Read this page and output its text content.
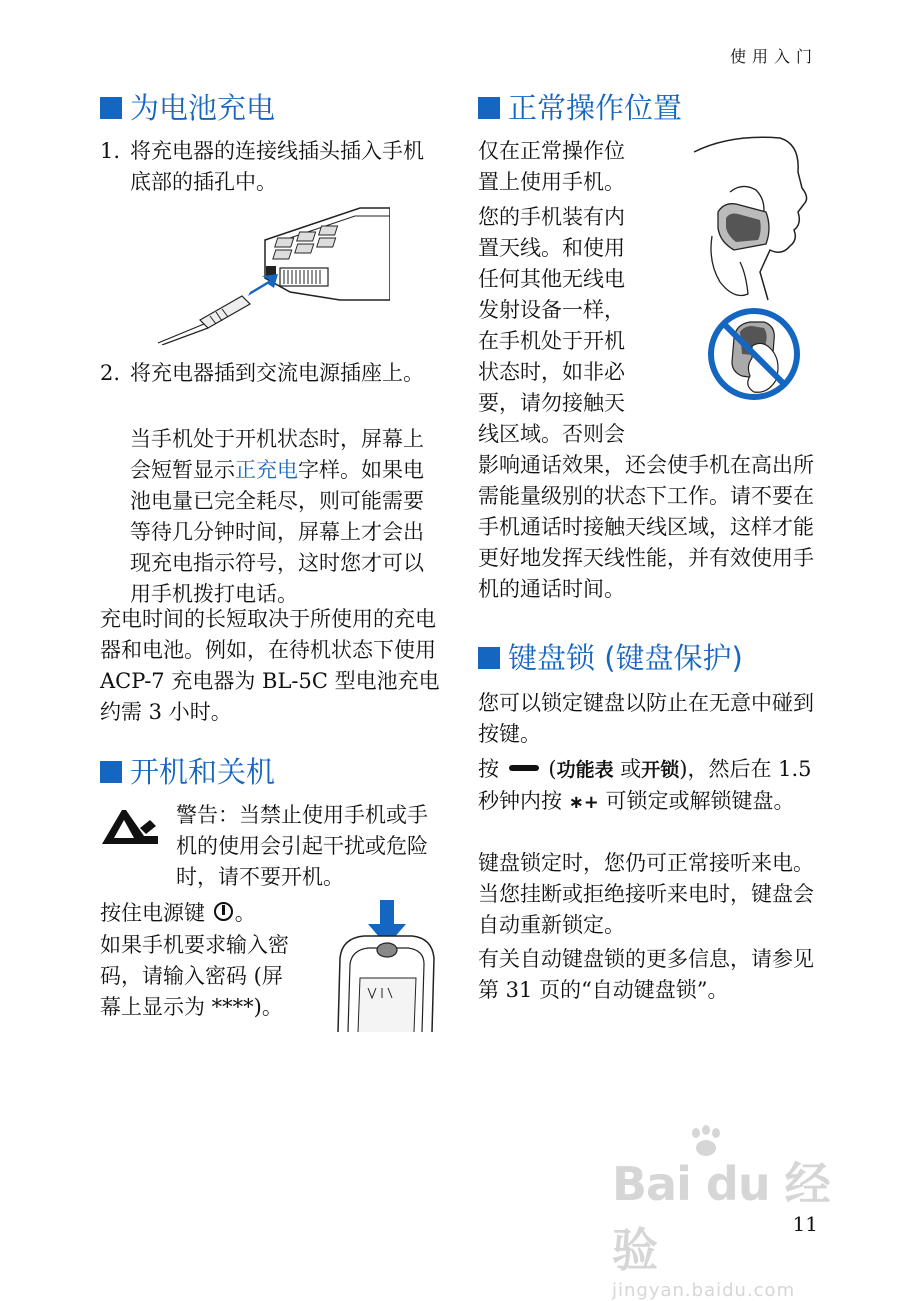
使用入门
为电池充电
1. 将充电器的连接线插头插入手机底部的插孔中。
2. 将充电器插到交流电源插座上。
当手机处于开机状态时，屏幕上会短暂显示正充电字样。如果电池电量已完全耗尽，则可能需要等待几分钟时间，屏幕上才会出现充电指示符号，这时您才可以用手机拨打电话。
充电时间的长短取决于所使用的充电器和电池。例如，在待机状态下使用 ACP-7 充电器为 BL-5C 型电池充电约需 3 小时。
开机和关机
警告：当禁止使用手机或手机的使用会引起干扰或危险时，请不要开机。
按住电源键 。
如果手机要求输入密码，请输入密码 (屏幕上显示为 ****)。
正常操作位置

仅在正常操作位

置上使用手机。

您的手机装有内

置天线。和使用

任何其他无线电

发射设备一样，

在手机处于开机

状态时，如非必

要，请勿接触天

线区域。否则会

影响通话效果，还会使手机在高出所需能量级别的状态下工作。请不要在手机通话时接触天线区域，这样才能更好地发挥天线性能，并有效使用手机的通话时间。
键盘锁 (键盘保护)
您可以锁定键盘以防止在无意中碰到按键。
按  (功能表 或开锁)，然后在 1.5 秒钟内按 ∗+ 可锁定或解锁键盘。
键盘锁定时，您仍可正常接听来电。当您挂断或拒绝接听来电时，键盘会自动重新锁定。
有关自动键盘锁的更多信息，请参见第 31 页的“自动键盘锁”。
Bai du 经验
jingyan.baidu.com
11
